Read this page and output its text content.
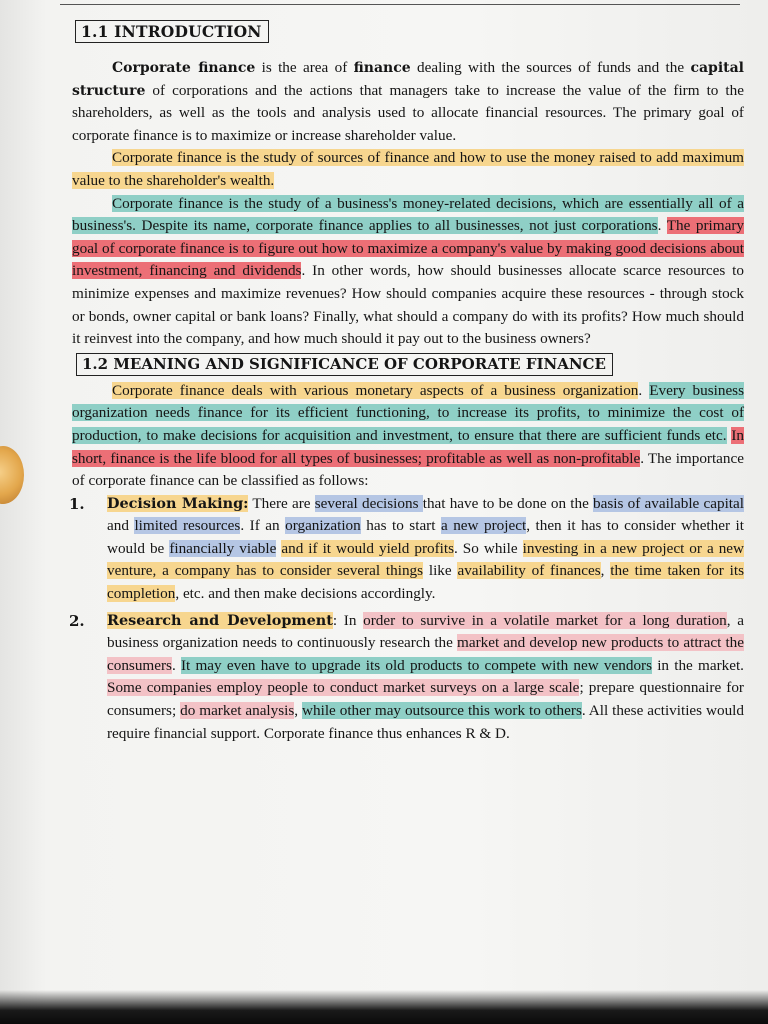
1.1 INTRODUCTION

Corporate finance is the area of finance dealing with the sources of funds and the capital structure of corporations and the actions that managers take to increase the value of the firm to the shareholders, as well as the tools and analysis used to allocate financial resources. The primary goal of corporate finance is to maximize or increase shareholder value.

Corporate finance is the study of sources of finance and how to use the money raised to add maximum value to the shareholder's wealth.

Corporate finance is the study of a business's money-related decisions, which are essentially all of a business's. Despite its name, corporate finance applies to all businesses, not just corporations. The primary goal of corporate finance is to figure out how to maximize a company's value by making good decisions about investment, financing and dividends. In other words, how should businesses allocate scarce resources to minimize expenses and maximize revenues? How should companies acquire these resources - through stock or bonds, owner capital or bank loans? Finally, what should a company do with its profits? How much should it reinvest into the company, and how much should it pay out to the business owners?

1.2 MEANING AND SIGNIFICANCE OF CORPORATE FINANCE

Corporate finance deals with various monetary aspects of a business organization. Every business organization needs finance for its efficient functioning, to increase its profits, to minimize the cost of production, to make decisions for acquisition and investment, to ensure that there are sufficient funds etc. In short, finance is the life blood for all types of businesses; profitable as well as non-profitable. The importance of corporate finance can be classified as follows:

1. Decision Making: There are several decisions that have to be done on the basis of available capital and limited resources. If an organization has to start a new project, then it has to consider whether it would be financially viable and if it would yield profits. So while investing in a new project or a new venture, a company has to consider several things like availability of finances, the time taken for its completion, etc. and then make decisions accordingly.
2. Research and Development: In order to survive in a volatile market for a long duration, a business organization needs to continuously research the market and develop new products to attract the consumers. It may even have to upgrade its old products to compete with new vendors in the market. Some companies employ people to conduct market surveys on a large scale; prepare questionnaire for consumers; do market analysis, while other may outsource this work to others. All these activities would require financial support. Corporate finance thus enhances R & D.
